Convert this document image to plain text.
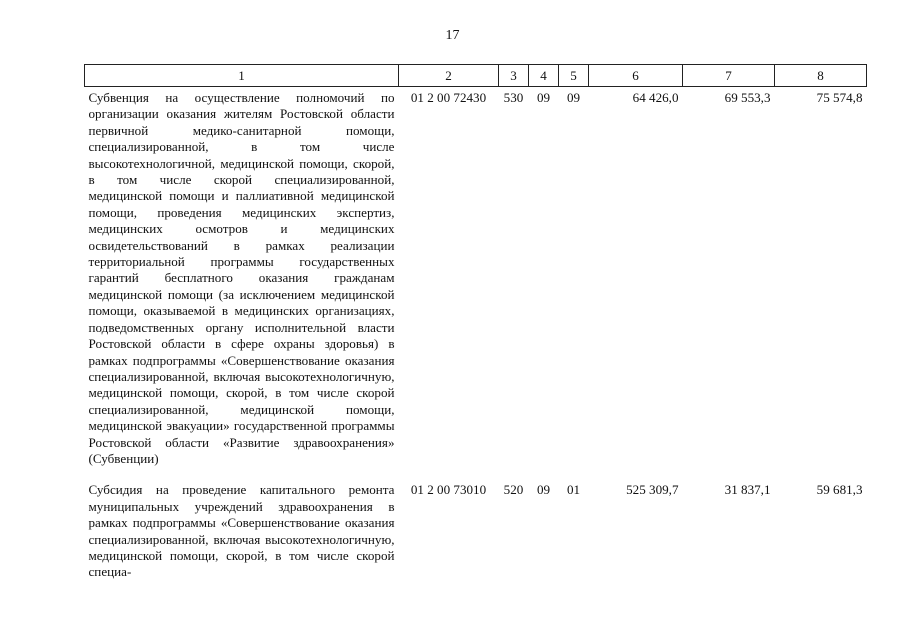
17
1	2	3	4	5	6	7	8
Субвенция на осуществление полномочий по организации оказания жителям Ростовской области первичной медико-санитарной помощи, специализированной, в том числе высокотехнологичной, медицинской помощи, скорой, в том числе скорой специализированной, медицинской помощи и паллиативной медицинской помощи, проведения медицинских экспертиз, медицинских осмотров и медицинских освидетельствований в рамках реализации территориальной программы государственных гарантий бесплатного оказания гражданам медицинской помощи (за исключением медицинской помощи, оказываемой в медицинских организациях, подведомственных органу исполнительной власти Ростовской области в сфере охраны здоровья) в рамках подпрограммы «Совершенствование оказания специализированной, включая высокотехнологичную, медицинской помощи, скорой, в том числе скорой специализированной, медицинской помощи, медицинской эвакуации» государственной программы Ростовской области «Развитие здравоохранения» (Субвенции)	01 2 00 72430	530	09	09	64 426,0	69 553,3	75 574,8
Субсидия на проведение капитального ремонта муниципальных учреждений здравоохранения в рамках подпрограммы «Совершенствование оказания специализированной, включая высокотехнологичную, медицинской помощи, скорой, в том числе скорой специа-	01 2 00 73010	520	09	01	525 309,7	31 837,1	59 681,3
